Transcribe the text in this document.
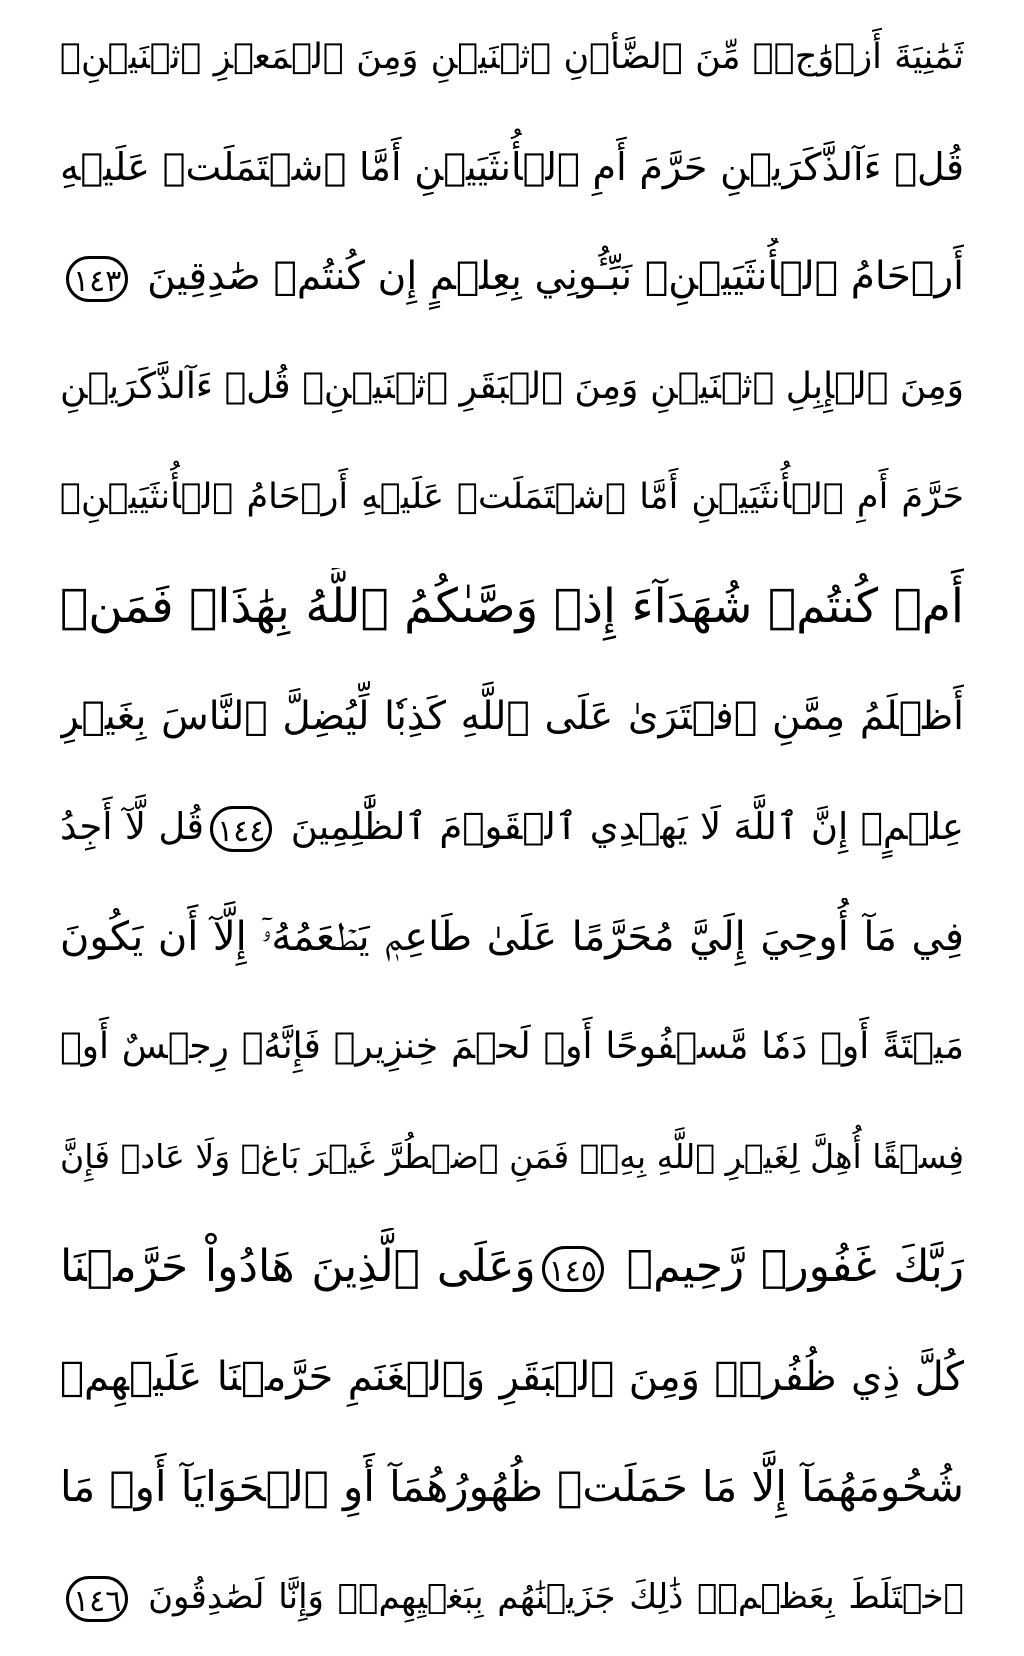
ثَمَٰنِيَةَ أَزۡوَٰجٖۖ مِّنَ ٱلضَّأۡنِ ٱثۡنَيۡنِ وَمِنَ ٱلۡمَعۡزِ ٱثۡنَيۡنِۗ
قُلۡ ءَآلذَّكَرَيۡنِ حَرَّمَ أَمِ ٱلۡأُنثَيَيۡنِ أَمَّا ٱشۡتَمَلَتۡ عَلَيۡهِ
أَرۡحَامُ ٱلۡأُنثَيَيۡنِۖ نَبِّـُٔونِي بِعِلۡمٍ إِن كُنتُمۡ صَٰدِقِينَ ١٤٣
وَمِنَ ٱلۡإِبِلِ ٱثۡنَيۡنِ وَمِنَ ٱلۡبَقَرِ ٱثۡنَيۡنِۗ قُلۡ ءَآلذَّكَرَيۡنِ
حَرَّمَ أَمِ ٱلۡأُنثَيَيۡنِ أَمَّا ٱشۡتَمَلَتۡ عَلَيۡهِ أَرۡحَامُ ٱلۡأُنثَيَيۡنِۖ
أَمۡ كُنتُمۡ شُهَدَآءَ إِذۡ وَصَّىٰكُمُ ٱللَّهُ بِهَٰذَاۚ فَمَنۡ
أَظۡلَمُ مِمَّنِ ٱفۡتَرَىٰ عَلَى ٱللَّهِ كَذِبٗا لِّيُضِلَّ ٱلنَّاسَ بِغَيۡرِ
عِلۡمٍۚ إِنَّ ٱللَّهَ لَا يَهۡدِي ٱلۡقَوۡمَ ٱلظَّٰلِمِينَ ١٤٤قُل لَّآ أَجِدُ
فِي مَآ أُوحِيَ إِلَيَّ مُحَرَّمًا عَلَىٰ طَاعِمٖ يَطۡعَمُهُۥٓ إِلَّآ أَن يَكُونَ
مَيۡتَةً أَوۡ دَمٗا مَّسۡفُوحًا أَوۡ لَحۡمَ خِنزِيرٖ فَإِنَّهُۥ رِجۡسٌ أَوۡ
فِسۡقًا أُهِلَّ لِغَيۡرِ ٱللَّهِ بِهِۦۚ فَمَنِ ٱضۡطُرَّ غَيۡرَ بَاغٖ وَلَا عَادٖ فَإِنَّ
رَبَّكَ غَفُورٞ رَّحِيمٞ ١٤٥وَعَلَى ٱلَّذِينَ هَادُواْ حَرَّمۡنَا
كُلَّ ذِي ظُفُرٖۖ وَمِنَ ٱلۡبَقَرِ وَٱلۡغَنَمِ حَرَّمۡنَا عَلَيۡهِمۡ
شُحُومَهُمَآ إِلَّا مَا حَمَلَتۡ ظُهُورُهُمَآ أَوِ ٱلۡحَوَايَآ أَوۡ مَا
ٱخۡتَلَطَ بِعَظۡمٖۚ ذَٰلِكَ جَزَيۡنَٰهُم بِبَغۡيِهِمۡۖ وَإِنَّا لَصَٰدِقُونَ ١٤٦
